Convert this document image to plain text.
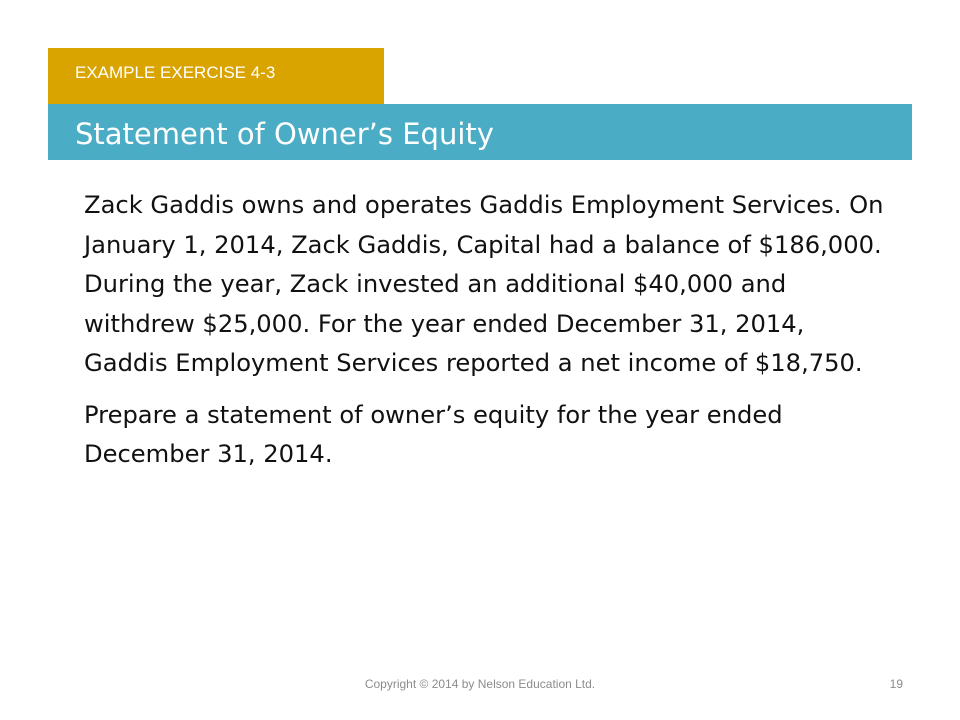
EXAMPLE EXERCISE 4-3
Statement of Owner’s Equity

Zack Gaddis owns and operates Gaddis Employment Services. On January 1, 2014, Zack Gaddis, Capital had a balance of $186,000. During the year, Zack invested an additional $40,000 and withdrew $25,000. For the year ended December 31, 2014, Gaddis Employment Services reported a net income of $18,750.

Prepare a statement of owner’s equity for the year ended December 31, 2014.

Copyright © 2014 by Nelson Education Ltd.	19
